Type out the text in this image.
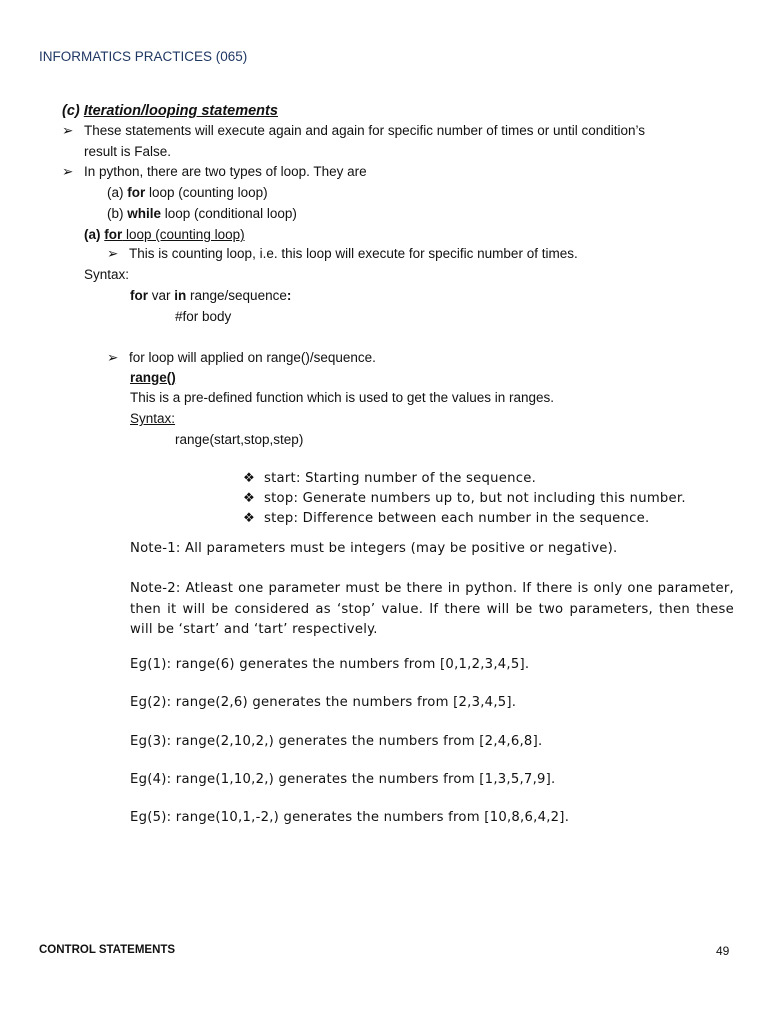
INFORMATICS PRACTICES (065)
(c) Iteration/looping statements
➢ These statements will execute again and again for specific number of times or until condition’s
result is False.
➢ In python, there are two types of loop. They are
(a) for loop (counting loop)
(b) while loop (conditional loop)
(a) for loop (counting loop)
➢ This is counting loop, i.e. this loop will execute for specific number of times.
Syntax:
for var in range/sequence:
#for body
➢ for loop will applied on range()/sequence.
range()
This is a pre-defined function which is used to get the values in ranges.
Syntax:
range(start,stop,step)
❖ start: Starting number of the sequence.
❖ stop: Generate numbers up to, but not including this number.
❖ step: Difference between each number in the sequence.
Note-1: All parameters must be integers (may be positive or negative).
Note-2: Atleast one parameter must be there in python. If there is only one parameter, then it will be considered as ‘stop’ value. If there will be two parameters, then these will be ‘start’ and ‘tart’ respectively.
Eg(1): range(6) generates the numbers from [0,1,2,3,4,5].
Eg(2): range(2,6) generates the numbers from [2,3,4,5].
Eg(3): range(2,10,2,) generates the numbers from [2,4,6,8].
Eg(4): range(1,10,2,) generates the numbers from [1,3,5,7,9].
Eg(5): range(10,1,-2,) generates the numbers from [10,8,6,4,2].
CONTROL STATEMENTS	49
